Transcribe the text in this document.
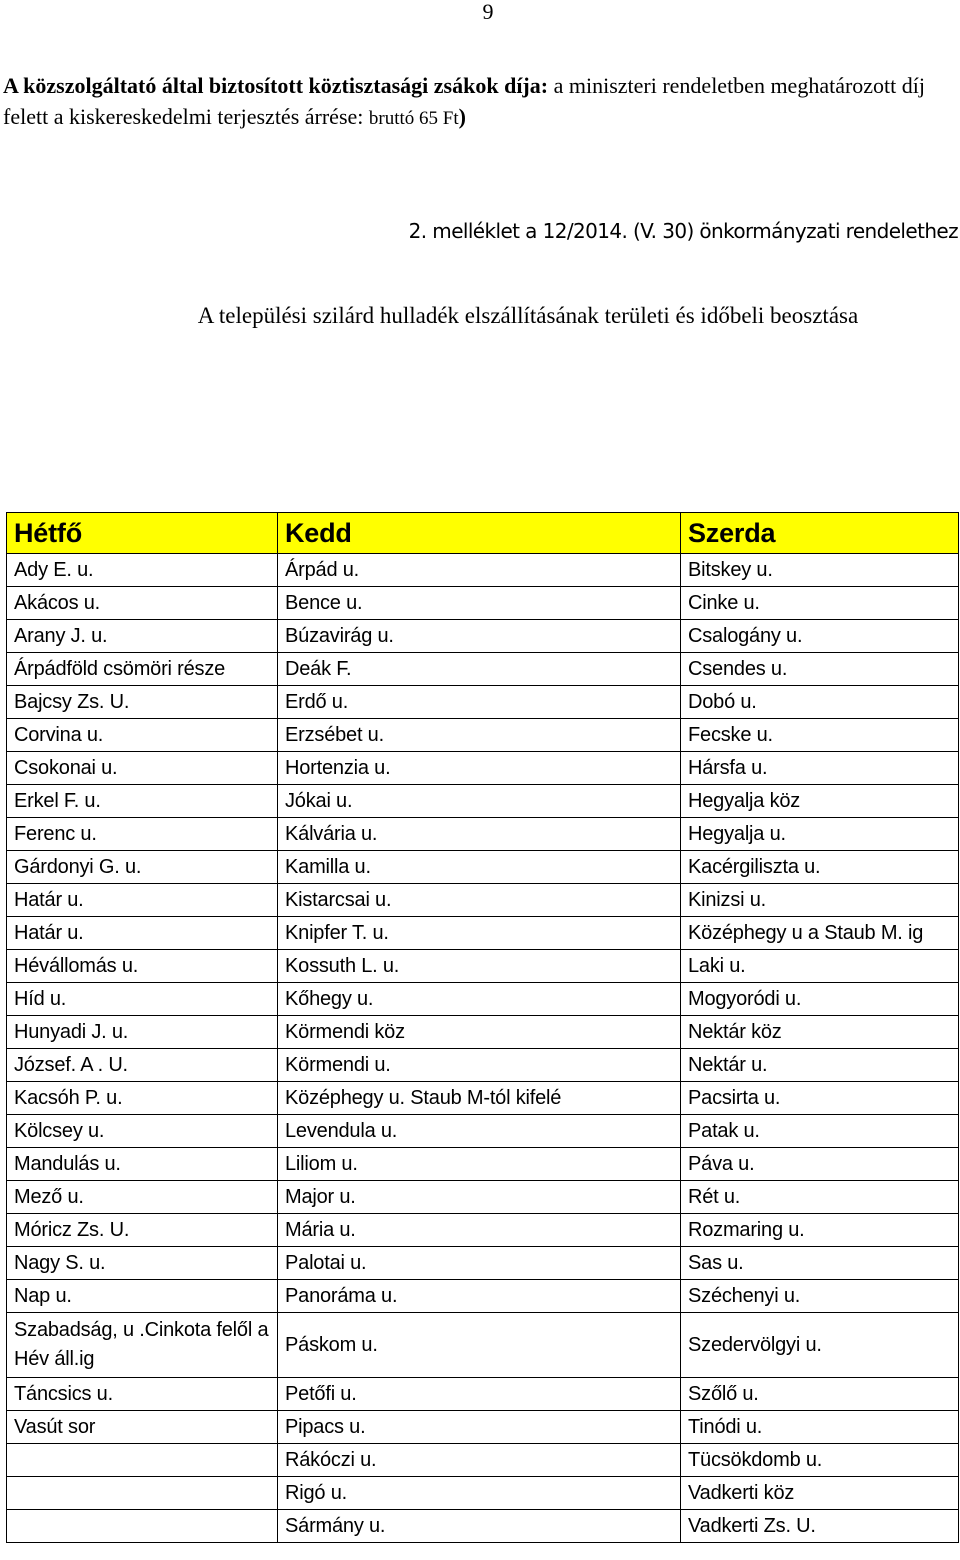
9
A közszolgáltató által biztosított köztisztasági zsákok díja: a miniszteri rendeletben meghatározott díj felett a kiskereskedelmi terjesztés árrése: bruttó 65 Ft)
2. melléklet a 12/2014. (V. 30) önkormányzati rendelethez
A települési szilárd hulladék elszállításának területi és időbeli beosztása
Hétfő	Kedd	Szerda
Ady E. u.	Árpád u.	Bitskey u.
Akácos u.	Bence u.	Cinke u.
Arany J. u.	Búzavirág u.	Csalogány u.
Árpádföld csömöri része	Deák F.	Csendes u.
Bajcsy Zs. U.	Erdő u.	Dobó u.
Corvina u.	Erzsébet u.	Fecske u.
Csokonai u.	Hortenzia u.	Hársfa u.
Erkel F. u.	Jókai u.	Hegyalja köz
Ferenc u.	Kálvária u.	Hegyalja u.
Gárdonyi G. u.	Kamilla u.	Kacérgiliszta u.
Határ u.	Kistarcsai u.	Kinizsi u.
Határ u.	Knipfer T. u.	Középhegy u a Staub M. ig
Hévállomás u.	Kossuth L. u.	Laki u.
Híd u.	Kőhegy u.	Mogyoródi u.
Hunyadi J. u.	Körmendi köz	Nektár köz
József. A . U.	Körmendi u.	Nektár u.
Kacsóh P. u.	Középhegy u. Staub M-tól kifelé	Pacsirta u.
Kölcsey u.	Levendula u.	Patak u.
Mandulás u.	Liliom u.	Páva u.
Mező u.	Major u.	Rét u.
Móricz Zs. U.	Mária u.	Rozmaring u.
Nagy S. u.	Palotai u.	Sas u.
Nap u.	Panoráma u.	Széchenyi u.
Szabadság, u .Cinkota felől a Hév áll.ig	Páskom u.	Szedervölgyi u.
Táncsics u.	Petőfi u.	Szőlő u.
Vasút sor	Pipacs u.	Tinódi u.
	Rákóczi u.	Tücsökdomb u.
	Rigó u.	Vadkerti köz
	Sármány u.	Vadkerti Zs. U.
